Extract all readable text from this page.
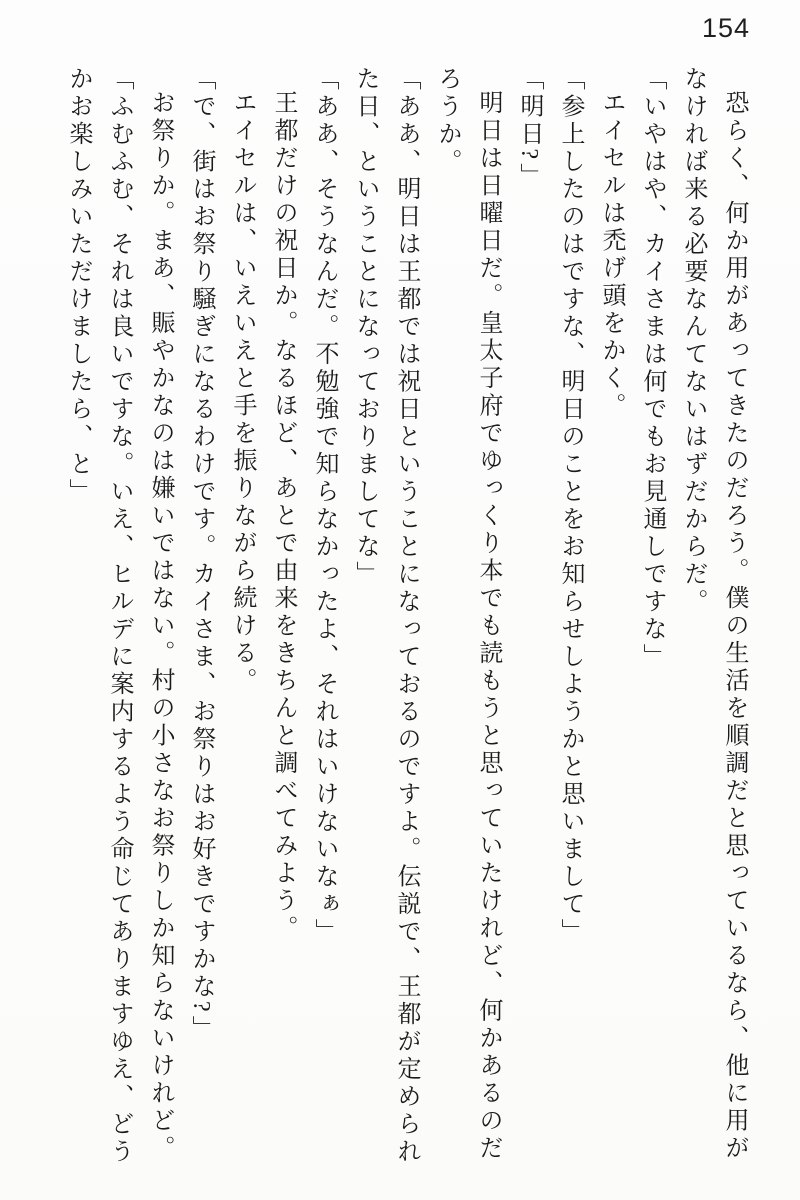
154

恐らく、何か用があってきたのだろう。僕の生活を順調だと思っているなら、他に用がなければ来る必要なんてないはずだからだ。

「いやはや、カイさまは何でもお見通しですな」

エイセルは禿げ頭をかく。

「参上したのはですな、明日のことをお知らせしようかと思いまして」

「明日?」

明日は日曜日だ。皇太子府でゆっくり本でも読もうと思っていたけれど、何かあるのだろうか。

「ああ、明日は王都では祝日ということになっておるのですよ。伝説で、王都が定められた日、ということになっておりましてな」

「ああ、そうなんだ。不勉強で知らなかったよ、それはいけないなぁ」

王都だけの祝日か。なるほど、あとで由来をきちんと調べてみよう。

エイセルは、いえいえと手を振りながら続ける。

「で、街はお祭り騒ぎになるわけです。カイさま、お祭りはお好きですかな?」

お祭りか。まあ、賑やかなのは嫌いではない。村の小さなお祭りしか知らないけれど。

「ふむふむ、それは良いですな。いえ、ヒルデに案内するよう命じてありますゆえ、どうかお楽しみいただけましたら、と」
